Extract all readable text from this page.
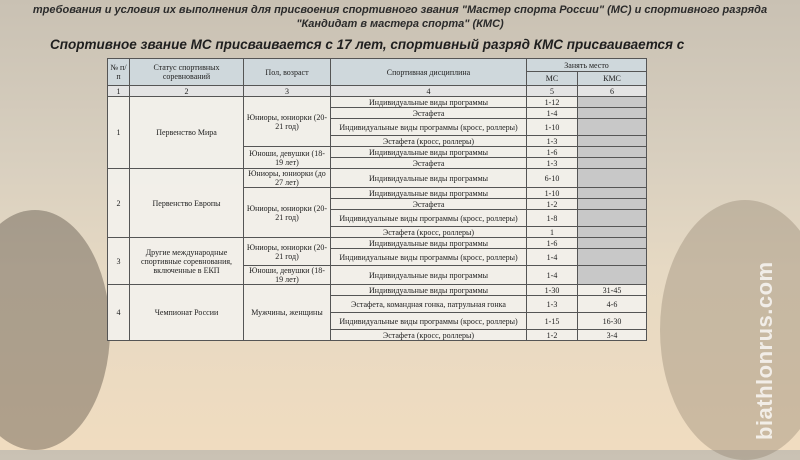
требования и условия их выполнения для присвоения спортивного звания "Мастер спорта России" (МС) и спортивного разряда "Кандидат в мастера спорта" (КМС)
Спортивное звание МС присваивается с 17 лет, спортивный разряд КМС присваивается с
№ п/п	Статус спортивных соревнований	Пол, возраст	Спортивная дисциплина	Занять место	
				МС	КМС
1	2	3	4	5	6
1	Первенство Мира	Юниоры, юниорки (20-21 год)	Индивидуальные виды программы	1-12	
			Эстафета	1-4	
			Индивидуальные виды программы (кросс, роллеры)	1-10	
			Эстафета (кросс, роллеры)	1-3	
		Юноши, девушки (18-19 лет)	Индивидуальные виды программы	1-6	
			Эстафета	1-3	
2	Первенство Европы	Юниоры, юниорки (до 27 лет)	Индивидуальные виды программы	6-10	
		Юниоры, юниорки (20-21 год)	Индивидуальные виды программы	1-10	
			Эстафета	1-2	
			Индивидуальные виды программы (кросс, роллеры)	1-8	
			Эстафета (кросс, роллеры)	1	
3	Другие международные спортивные соревнования, включенные в ЕКП	Юниоры, юниорки (20-21 год)	Индивидуальные виды программы	1-6	
			Индивидуальные виды программы (кросс, роллеры)	1-4	
		Юноши, девушки (18-19 лет)	Индивидуальные виды программы	1-4	
4	Чемпионат России	Мужчины, женщины	Индивидуальные виды программы	1-30	31-45
			Эстафета, командная гонка, патрульная гонка	1-3	4-6
			Индивидуальные виды программы (кросс, роллеры)	1-15	16-30
			Эстафета (кросс, роллеры)	1-2	3-4	biathlonrus.com
